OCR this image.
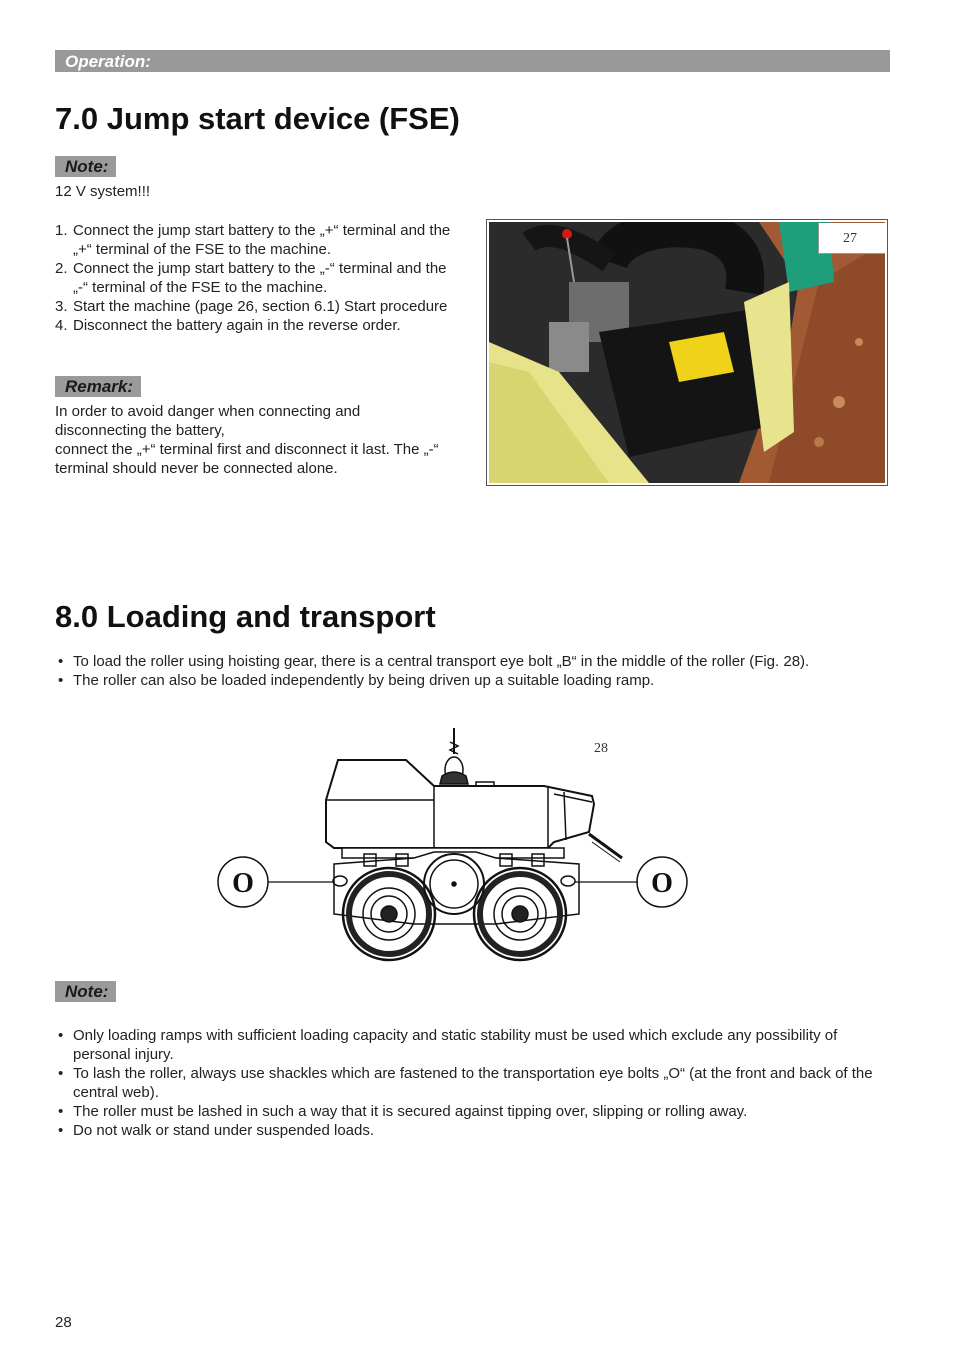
Operation:
7.0 Jump start device (FSE)
Note:
12 V system!!!
1. Connect the jump start battery to the „+“ terminal and the „+“ terminal of the FSE to the machine.
2. Connect the jump start battery to the „-“ terminal and the „-“ terminal of the FSE to the machine.
3. Start the machine (page 26, section 6.1) Start procedure
4. Disconnect the battery again in the reverse order.
Remark:
In order to avoid danger when connecting and
disconnecting the battery,
connect the „+“ terminal first and disconnect it last. The „-“
terminal should never be connected alone.
27
8.0 Loading and transport
• To load the roller using hoisting gear, there is a central transport eye bolt „B“ in the middle of the roller (Fig. 28).
• The roller can also be loaded independently by being driven up a suitable loading ramp.
O	O
28
Note:
• Only loading ramps with sufficient loading capacity and static stability must be used which exclude any possibility of personal injury.
• To lash the roller, always use shackles which are fastened to the transportation eye bolts „O“ (at the front and back of the central web).
• The roller must be lashed in such a way that it is secured against tipping over, slipping or rolling away.
• Do not walk or stand under suspended loads.
28
